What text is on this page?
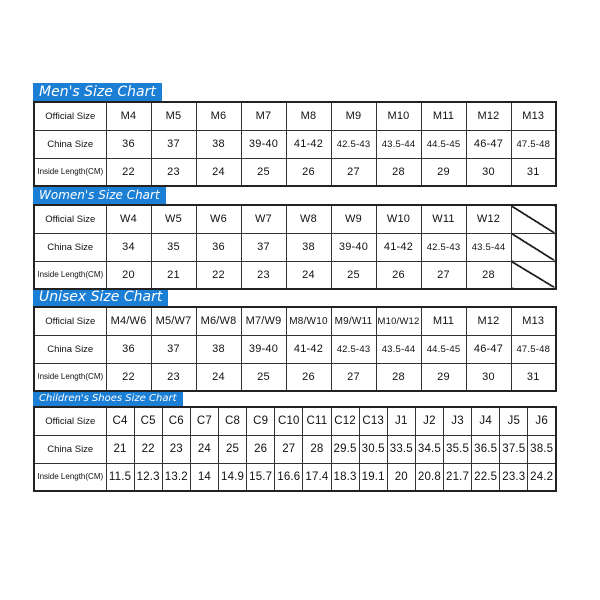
Men's Size Chart
Women's Size Chart
Unisex Size Chart
Children's Shoes Size Chart
Official Size	M4	M5	M6	M7	M8	M9	M10	M11	M12	M13
China Size	36	37	38	39-40	41-42	42.5-43	43.5-44	44.5-45	46-47	47.5-48
Inside Length(CM)	22	23	24	25	26	27	28	29	30	31
Official Size	W4	W5	W6	W7	W8	W9	W10	W11	W12	
China Size	34	35	36	37	38	39-40	41-42	42.5-43	43.5-44	
Inside Length(CM)	20	21	22	23	24	25	26	27	28	
Official Size	M4/W6	M5/W7	M6/W8	M7/W9	M8/W10	M9/W11	M10/W12	M11	M12	M13
China Size	36	37	38	39-40	41-42	42.5-43	43.5-44	44.5-45	46-47	47.5-48
Inside Length(CM)	22	23	24	25	26	27	28	29	30	31
Official Size	C4	C5	C6	C7	C8	C9	C10	C11	C12	C13	J1	J2	J3	J4	J5	J6
China Size	21	22	23	24	25	26	27	28	29.5	30.5	33.5	34.5	35.5	36.5	37.5	38.5
Inside Length(CM)	11.5	12.3	13.2	14	14.9	15.7	16.6	17.4	18.3	19.1	20	20.8	21.7	22.5	23.3	24.2
